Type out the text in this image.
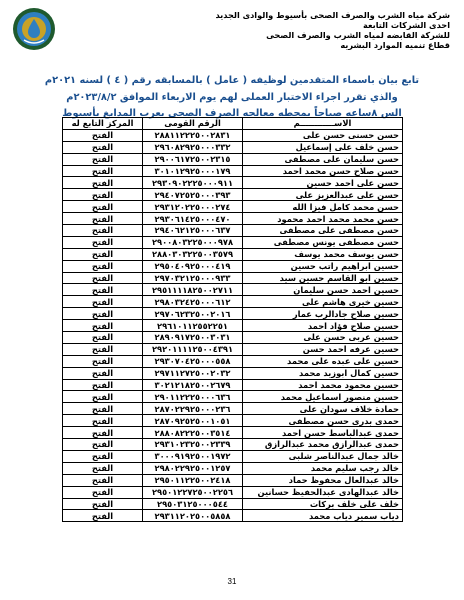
شركة مياه الشرب والصرف الصحى بأسيوط والوادى الجديد
احدى الشركات التابعة
للشركة القابضه لمياه الشرب والصرف الصحى
قطاع تنميه الموارد البشريه
تابع بيان باسماء المتقدمين لوظيفه ( عامل ) بالمسابقه رقم ( ٤ ) لسنه ٢٠٢١م
والذي تقرر اجراء الاختبار العملى لهم يوم الاربعاء الموافق ٢٠٢٣/٨/٢م
الس ٨ساعه صباحاً بمحطه معالجه الصرف الصحى بعرب المدابغ بأسيوط
الاســــــــــــم	الرقم القومى	المركز التابع له
حسن حسنى حسن على	٢٨٨١١٢٢٢٥٠٠٢٨٣١	الفتح
حسن خلف على إسماعيل	٢٩٦٠٨٢٩٢٥٠٠٠٣٣٢	الفتح
حسن سليمان على مصطفى	٢٩٠٠٦١٧٢٥٠٠٢٣١٥	الفتح
حسن صلاح حسن محمد احمد	٣٠١٠١٢٩٢٥٠٠٠١٧٩	الفتح
حسن على احمد حسين	٢٩٣٠٩٠٢٢٢٥٠٠٠٩١١	الفتح
حسن على عبدالعزيز على	٢٩٤٠٧٢٥٢٥٠٠٠٣٩٣	الفتح
حسن محمد كامل فيزا الله	٢٩٣١٢٠٢٢٥٠٠٠٢٧٤	الفتح
حسن محمد محمد احمد محمود	٢٩٣٠٦١٤٢٥٠٠٠٤٧٠	الفتح
حسن مصطفى على مصطفى	٢٩٤٠٦٢١٢٥٠٠٠٦٣٧	الفتح
حسن مصطفى يونس مصطفى	٢٩٠٠٨٠٣٢٢٥٠٠٠٩٧٨	الفتح
حسن يوسف محمد يوسف	٢٨٨٠٣٠٣٢٢٥٠٠٣٥٧٩	الفتح
حسين ابراهيم راتب حسين	٢٩٥٠٤٠٩٢٥٠٠٠٤١٩	الفتح
حسين ابو القاسم حسين سيد	٢٩٧٠٣٢١٢٥٠٠٠٩٣٣	الفتح
حسين احمد حسن سليمان	٢٩٥١١١١٨٢٥٠٠٢٧١١	الفتح
حسين خيرى هاشم على	٢٩٨٠٣٢٤٢٥٠٠٠٦١٢	الفتح
حسين صلاح جادالرب عمار	٢٩٧٠٦٢٣٢٥٠٠٢٠١٦	الفتح
حسين صلاح فؤاد احمد	٢٩٦١٠١١٢٥٥٢٢٥١	الفتح
حسين عربى حسن على	٢٨٩٠٩١٧٢٥٠٠٣٠٣١	الفتح
حسين عرفه احمد حسن	٢٩٢٠١١١١٢٥٠٠٤٣٩١	الفتح
حسين على عبده على محمد	٢٩٣٠٧٠٤٢٥٠٠٠٥٥٨	الفتح
حسين كمال ابوزيد محمد	٢٩٧١١٢٧٢٥٠٠٢٠٣٢	الفتح
حسين محمود محمد احمد	٣٠٢١٢١٨٢٥٠٠٢٦٧٩	الفتح
حسين منصور اسماعيل محمد	٢٩٠١١٢٢٢٥٠٠٠٦٣٦	الفتح
حمادة خلاف سودان على	٢٨٧٠٢٢٩٢٥٠٠٠٢٣٦	الفتح
حمدى بدرى حسن مصطفى	٢٨٧٠٩٢٥٢٥٠٠١٠٥١	الفتح
حمدى عبدالباسط حسن احمد	٢٨٨٠٨٢٢٢٥٠٠٣٥١٤	الفتح
حمدى عبدالرازق محمد عبدالرازق	٢٩٣١٠٢٣٢٥٠٠٢٣٣٩	الفتح
خالد جمال عبدالناصر شلبى	٣٠٠٠٩١٩٢٥٠٠١٩٧٢	الفتح
خالد رجب سليم محمد	٢٩٨٠٢٢٩٢٥٠٠١٢٥٧	الفتح
خالد عبدالعال محفوظ حماد	٢٩٥٠١١٢٢٥٠٠٢٤١٨	الفتح
خالد عبدالهادى عبدالحفيظ حسانين	٢٩٥٠١٢٢٧٢٥٠٠٢٢٥٦	الفتح
خلف على خلف بركات	٢٩٥٠٣١٢٥٠٠٠٥٤٤	الفتح
دياب سمير دياب محمد	٢٩٣١١٢٠٢٥٠٠٥٨٥٨	الفتح
31
